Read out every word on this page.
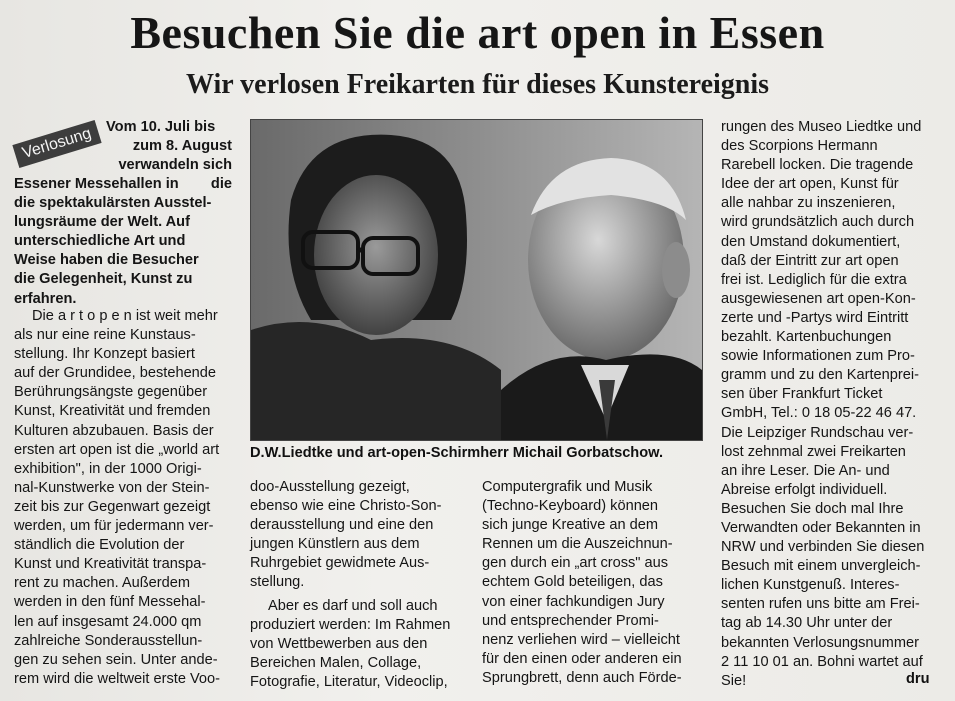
Besuchen Sie die art open in Essen
Wir verlosen Freikarten für dieses Kunstereignis
Verlosung Vom 10. Juli bis

zum 8. August

verwandeln sich die

Essener Messehallen in

die spektakulärsten Ausstel-

lungsräume der Welt. Auf

unterschiedliche Art und

Weise haben die Besucher

die Gelegenheit, Kunst zu

erfahren.

Die a r t o p e n ist weit mehr

als nur eine reine Kunstaus-

stellung. Ihr Konzept basiert

auf der Grundidee, bestehende

Berührungsängste gegenüber

Kunst, Kreativität und fremden

Kulturen abzubauen. Basis der

ersten art open ist die „world art

exhibition", in der 1000 Origi-

nal-Kunstwerke von der Stein-

zeit bis zur Gegenwart gezeigt

werden, um für jedermann ver-

ständlich die Evolution der

Kunst und Kreativität transpa-

rent zu machen. Außerdem

werden in den fünf Messehal-

len auf insgesamt 24.000 qm

zahlreiche Sonderausstellun-

gen zu sehen sein. Unter ande-

rem wird die weltweit erste Voo-

D.W.Liedtke und art-open-Schirmherr Michail Gorbatschow.

doo-Ausstellung gezeigt,

ebenso wie eine Christo-Son-

derausstellung und eine den

jungen Künstlern aus dem

Ruhrgebiet gewidmete Aus-

stellung.

Aber es darf und soll auch

produziert werden: Im Rahmen

von Wettbewerben aus den

Bereichen Malen, Collage,

Fotografie, Literatur, Videoclip,

Computergrafik und Musik

(Techno-Keyboard) können

sich junge Kreative an dem

Rennen um die Auszeichnun-

gen durch ein „art cross" aus

echtem Gold beteiligen, das

von einer fachkundigen Jury

und entsprechender Promi-

nenz verliehen wird – vielleicht

für den einen oder anderen ein

Sprungbrett, denn auch Förde-

rungen des Museo Liedtke und

des Scorpions Hermann

Rarebell locken. Die tragende

Idee der art open, Kunst für

alle nahbar zu inszenieren,

wird grundsätzlich auch durch

den Umstand dokumentiert,

daß der Eintritt zur art open

frei ist. Lediglich für die extra

ausgewiesenen art open-Kon-

zerte und -Partys wird Eintritt

bezahlt. Kartenbuchungen

sowie Informationen zum Pro-

gramm und zu den Kartenprei-

sen über Frankfurt Ticket

GmbH, Tel.: 0 18 05-22 46 47.

Die Leipziger Rundschau ver-

lost zehnmal zwei Freikarten

an ihre Leser. Die An- und

Abreise erfolgt individuell.

Besuchen Sie doch mal Ihre

Verwandten oder Bekannten in

NRW und verbinden Sie diesen

Besuch mit einem unvergleich-

lichen Kunstgenuß. Interes-

senten rufen uns bitte am Frei-

tag ab 14.30 Uhr unter der

bekannten Verlosungsnummer

2 11 10 01 an. Bohni wartet auf

Sie!	dru
